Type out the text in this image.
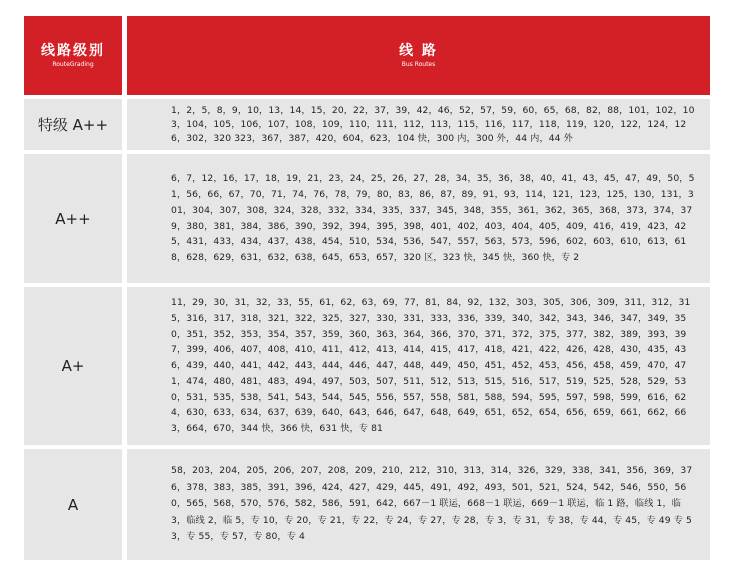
线路级别
RouteGrading
线 路
Bus Routes
特级 A++
1，2，5，8，9，10，13，14，15，20，22，37，39，42，46，52，57，59，60，65，68，82，88，101，102，103，104，105，106，107，108，109，110，111，112，113，115，116，117，118，119，120，122，124，126，302，320 323，367，387，420，604，623，104 快，300 内，300 外，44 内，44 外
A++
6，7，12，16，17，18，19，21，23，24，25，26，27，28，34，35，36，38，40，41，43，45，47，49，50，51，56，66，67，70，71，74，76，78，79，80，83，86，87，89，91，93，114，121，123，125，130，131，301，304，307，308，324，328，332，334，335，337，345，348，355，361，362，365，368，373，374，379，380，381，384，386，390，392，394，395，398，401，402，403，404，405，409，416，419，423，425，431，433，434，437，438，454，510，534，536，547，557，563，573，596，602，603，610，613，618，628，629，631，632，638，645，653，657，320 区，323 快，345 快，360 快，专 2
A+
11，29，30，31，32，33，55，61，62，63，69，77，81，84，92，132，303，305，306，309，311，312，315，316，317，318，321，322，325，327，330，331，333，336，339，340，342，343，346，347，349，350，351，352，353，354，357，359，360，363，364，366，370，371，372，375，377，382，389，393，397，399，406，407，408，410，411，412，413，414，415，417，418，421，422，426，428，430，435，436，439，440，441，442，443，444，446，447，448，449，450，451，452，453，456，458，459，470，471，474，480，481，483，494，497，503，507，511，512，513，515，516，517，519，525，528，529，530，531，535，538，541，543，544，545，556，557，558，581，588，594，595，597，598，599，616，624，630，633，634，637，639，640，643，646，647，648，649，651，652，654，656，659，661，662，663，664，670，344 快，366 快，631 快，专 81
A
58，203，204，205，206，207，208，209，210，212，310，313，314，326，329，338，341，356，369，376，378，383，385，391，396，424，427，429，445，491，492，493，501，521，524，542，546，550，560，565，568，570，576，582，586，591，642，667－1 联运，668－1 联运，669－1 联运，临 1 路，临线 1，临 3，临线 2，临 5，专 10，专 20，专 21，专 22，专 24，专 27，专 28，专 3，专 31，专 38，专 44，专 45，专 49 专 53，专 55，专 57，专 80，专 4
